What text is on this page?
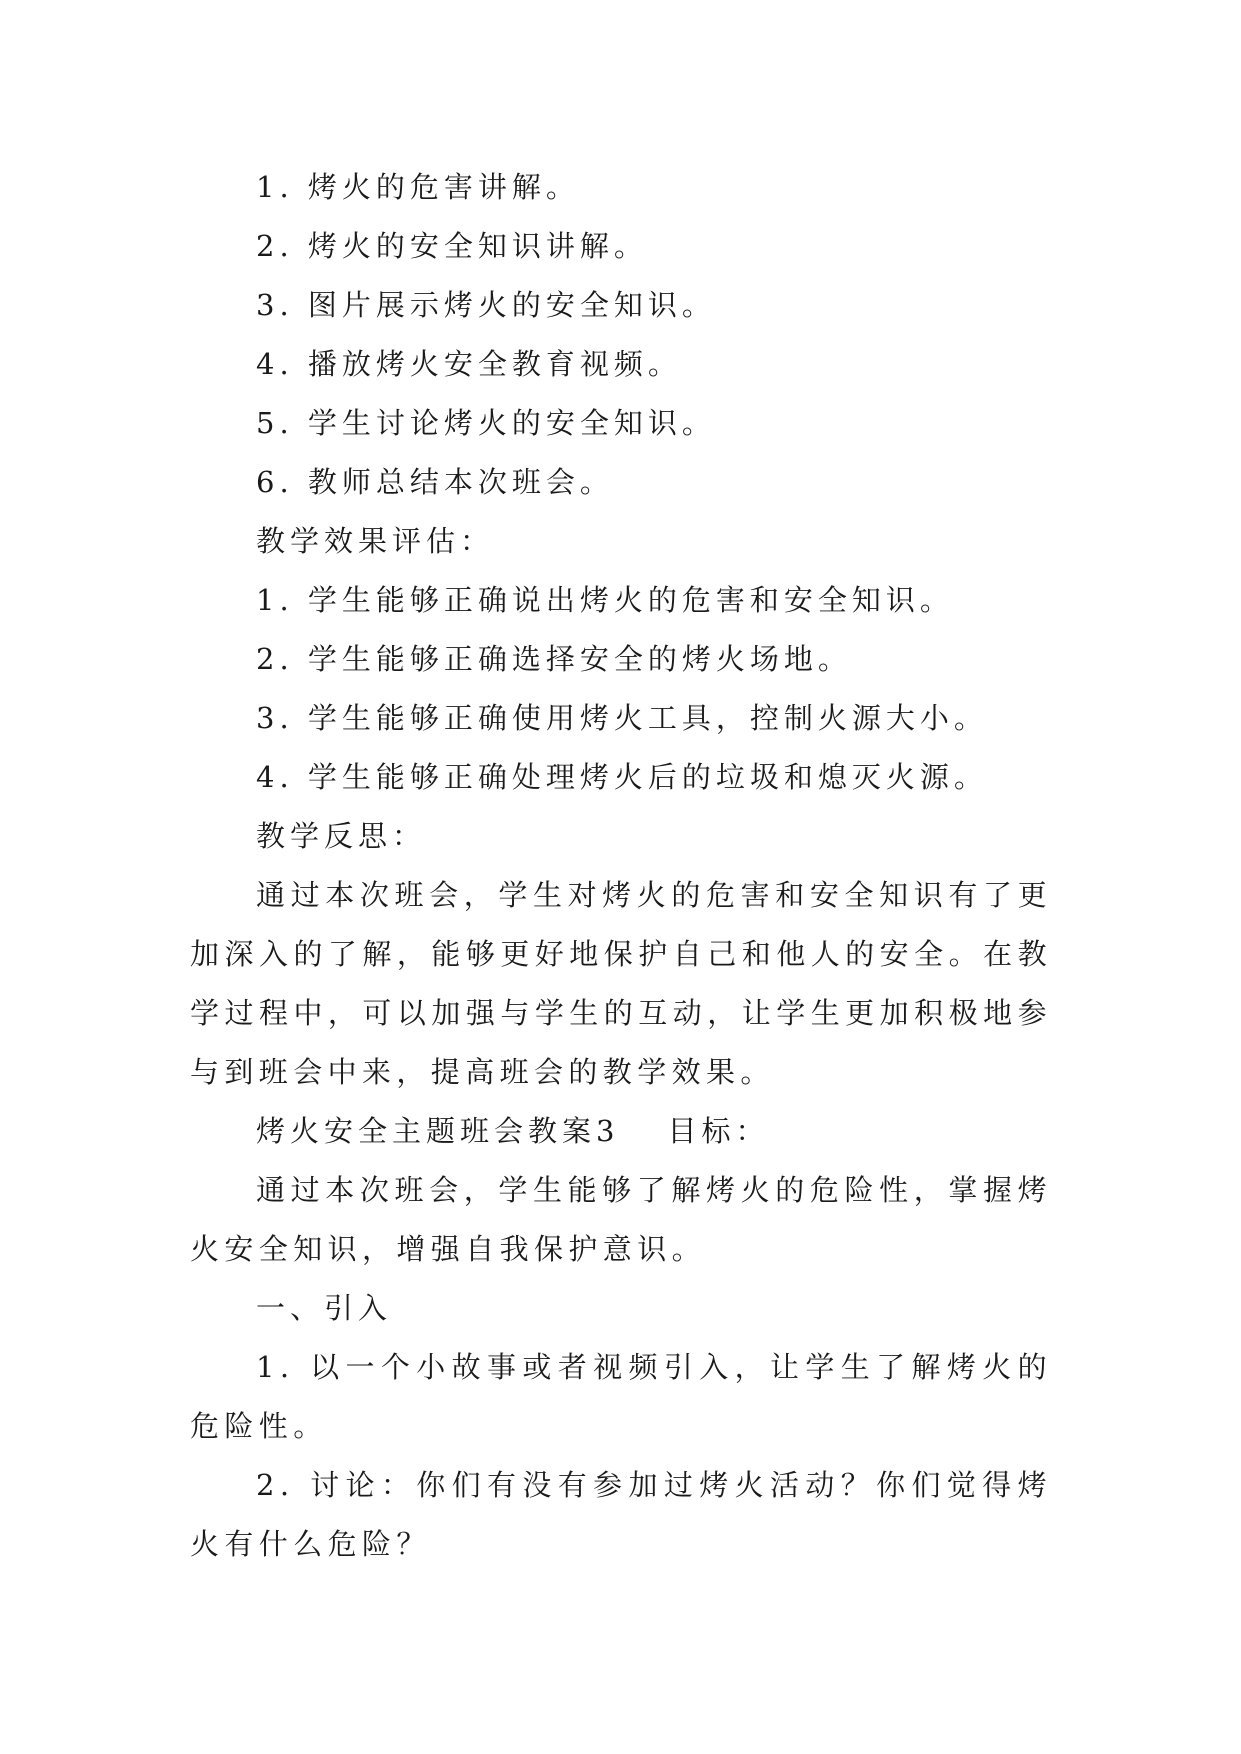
1. 烤火的危害讲解。

2. 烤火的安全知识讲解。

3. 图片展示烤火的安全知识。

4. 播放烤火安全教育视频。

5. 学生讨论烤火的安全知识。

6. 教师总结本次班会。

教学效果评估：

1. 学生能够正确说出烤火的危害和安全知识。

2. 学生能够正确选择安全的烤火场地。

3. 学生能够正确使用烤火工具，控制火源大小。

4. 学生能够正确处理烤火后的垃圾和熄灭火源。

教学反思：

通过本次班会，学生对烤火的危害和安全知识有了更加深入的了解，能够更好地保护自己和他人的安全。在教学过程中，可以加强与学生的互动，让学生更加积极地参与到班会中来，提高班会的教学效果。

烤火安全主题班会教案3 目标：

通过本次班会，学生能够了解烤火的危险性，掌握烤火安全知识，增强自我保护意识。

一、引入

1. 以一个小故事或者视频引入，让学生了解烤火的危险性。

2. 讨论：你们有没有参加过烤火活动？你们觉得烤火有什么危险？
